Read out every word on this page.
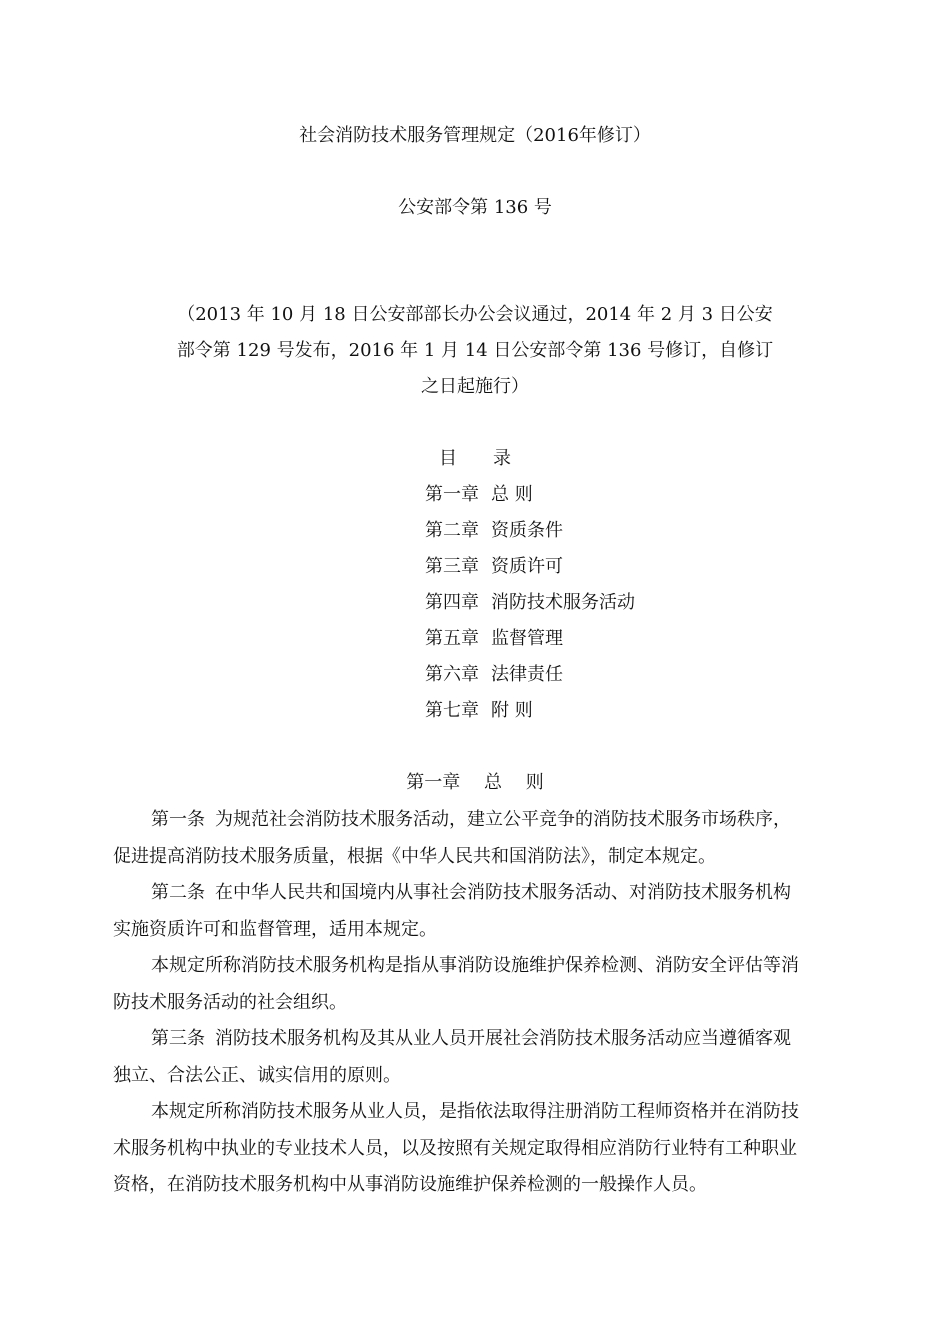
社会消防技术服务管理规定（2016年修订）
公安部令第 136 号
（2013 年 10 月 18 日公安部部长办公会议通过，2014 年 2 月 3 日公安
部令第 129 号发布，2016 年 1 月 14 日公安部令第 136 号修订，自修订
之日起施行）
目　　录
第一章 总 则
第二章 资质条件
第三章 资质许可
第四章 消防技术服务活动
第五章 监督管理
第六章 法律责任
第七章 附 则
第一章　 总　 则

第一条 为规范社会消防技术服务活动，建立公平竞争的消防技术服务市场秩序，

促进提高消防技术服务质量，根据《中华人民共和国消防法》，制定本规定。

第二条 在中华人民共和国境内从事社会消防技术服务活动、对消防技术服务机构

实施资质许可和监督管理，适用本规定。

本规定所称消防技术服务机构是指从事消防设施维护保养检测、消防安全评估等消

防技术服务活动的社会组织。

第三条 消防技术服务机构及其从业人员开展社会消防技术服务活动应当遵循客观

独立、合法公正、诚实信用的原则。

本规定所称消防技术服务从业人员，是指依法取得注册消防工程师资格并在消防技

术服务机构中执业的专业技术人员，以及按照有关规定取得相应消防行业特有工种职业

资格，在消防技术服务机构中从事消防设施维护保养检测的一般操作人员。
